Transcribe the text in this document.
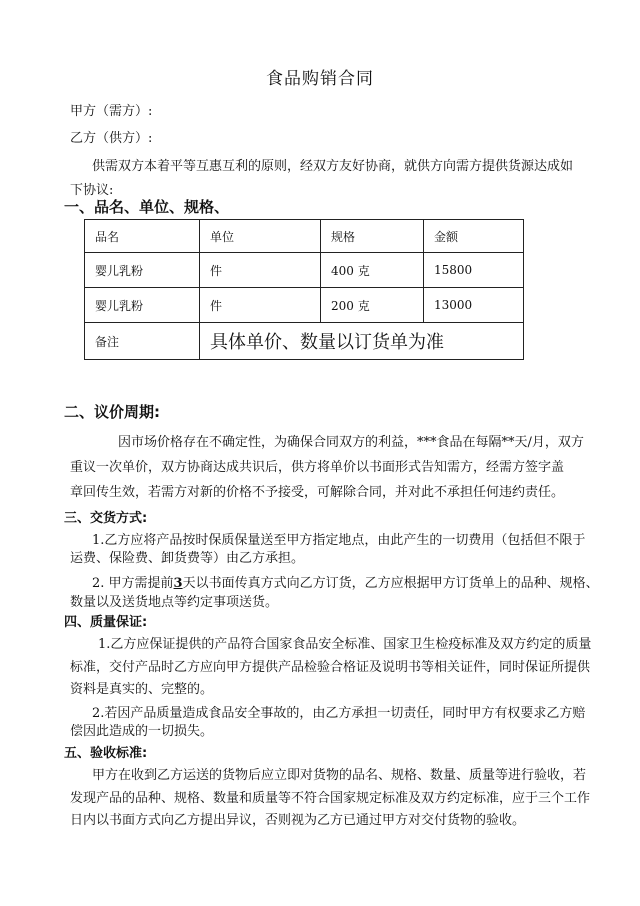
食品购销合同
甲方（需方）:
乙方（供方）:
供需双方本着平等互惠互利的原则，经双方友好协商，就供方向需方提供货源达成如
下协议:
一、品名、单位、规格、
品名	单位	规格	金额
婴儿乳粉	件	400 克	15800
婴儿乳粉	件	200 克	13000
备注	具体单价、数量以订货单为准		
二、议价周期:
因市场价格存在不确定性，为确保合同双方的利益，***食品在每隔**天/月，双方
重议一次单价，双方协商达成共识后，供方将单价以书面形式告知需方，经需方签字盖
章回传生效，若需方对新的价格不予接受，可解除合同，并对此不承担任何违约责任。
三、交货方式:
1.乙方应将产品按时保质保量送至甲方指定地点，由此产生的一切费用（包括但不限于
运费、保险费、卸货费等）由乙方承担。
2. 甲方需提前3天以书面传真方式向乙方订货，乙方应根据甲方订货单上的品种、规格、
数量以及送货地点等约定事项送货。
四、质量保证:
1.乙方应保证提供的产品符合国家食品安全标准、国家卫生检疫标准及双方约定的质量
标准，交付产品时乙方应向甲方提供产品检验合格证及说明书等相关证件，同时保证所提供
资料是真实的、完整的。
2.若因产品质量造成食品安全事故的，由乙方承担一切责任，同时甲方有权要求乙方赔
偿因此造成的一切损失。
五、验收标准:
甲方在收到乙方运送的货物后应立即对货物的品名、规格、数量、质量等进行验收，若
发现产品的品种、规格、数量和质量等不符合国家规定标准及双方约定标准，应于三个工作
日内以书面方式向乙方提出异议，否则视为乙方已通过甲方对交付货物的验收。
